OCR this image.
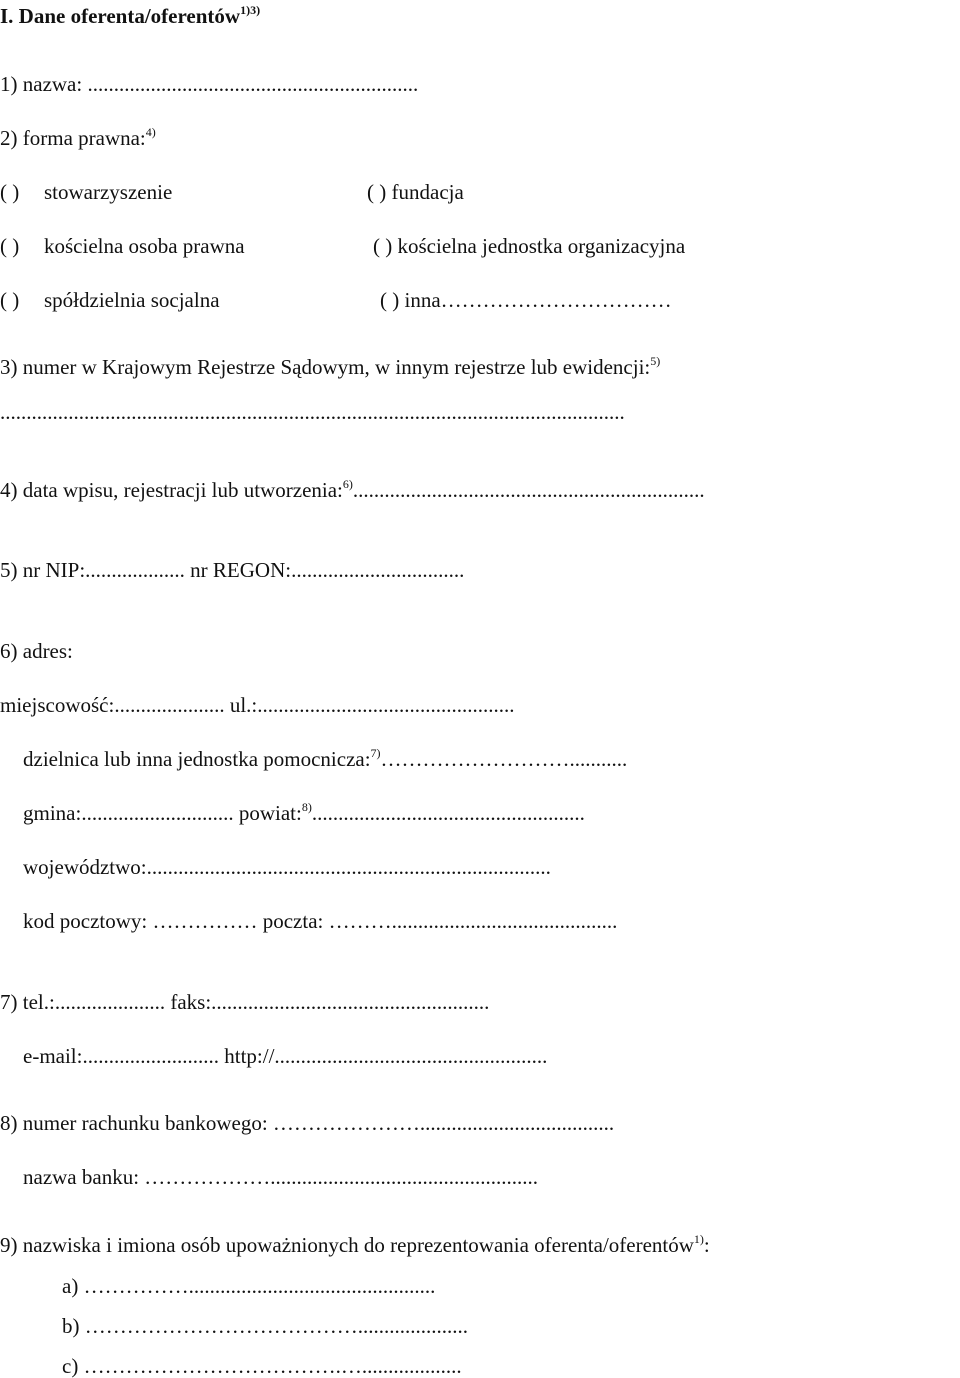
I. Dane oferenta/oferentów$^{1)3)}$
1) nazwa: ...............................................................
2) forma prawna:$^{4)}$
( ) stowarzyszenie	( ) fundacja
( ) kościelna osoba prawna	( ) kościelna jednostka organizacyjna
( ) spółdzielnia socjalna	( ) inna……………………………
3) numer w Krajowym Rejestrze Sądowym, w innym rejestrze lub ewidencji:$^{5)}$
.......................................................................................................................
4) data wpisu, rejestracji lub utworzenia:$^{6)}$...................................................................
5) nr NIP:................... nr REGON:.................................
6) adres:
miejscowość:..................... ul.:.................................................
dzielnica lub inna jednostka pomocnicza:$^{7)}$………………………...........
gmina:............................. powiat:$^{8)}$....................................................
województwo:.............................................................................
kod pocztowy: …………… poczta: ………...........................................
7) tel.:..................... faks:.....................................................
e-mail:.......................... http://....................................................
8) numer rachunku bankowego: ………………….....................................
nazwa banku: ………………...................................................
9) nazwiska i imiona osób upoważnionych do reprezentowania oferenta/oferentów$^{1)}$:
a) ……………...............................................
b) ………………………………….....................
c) ……………………………….…...................
